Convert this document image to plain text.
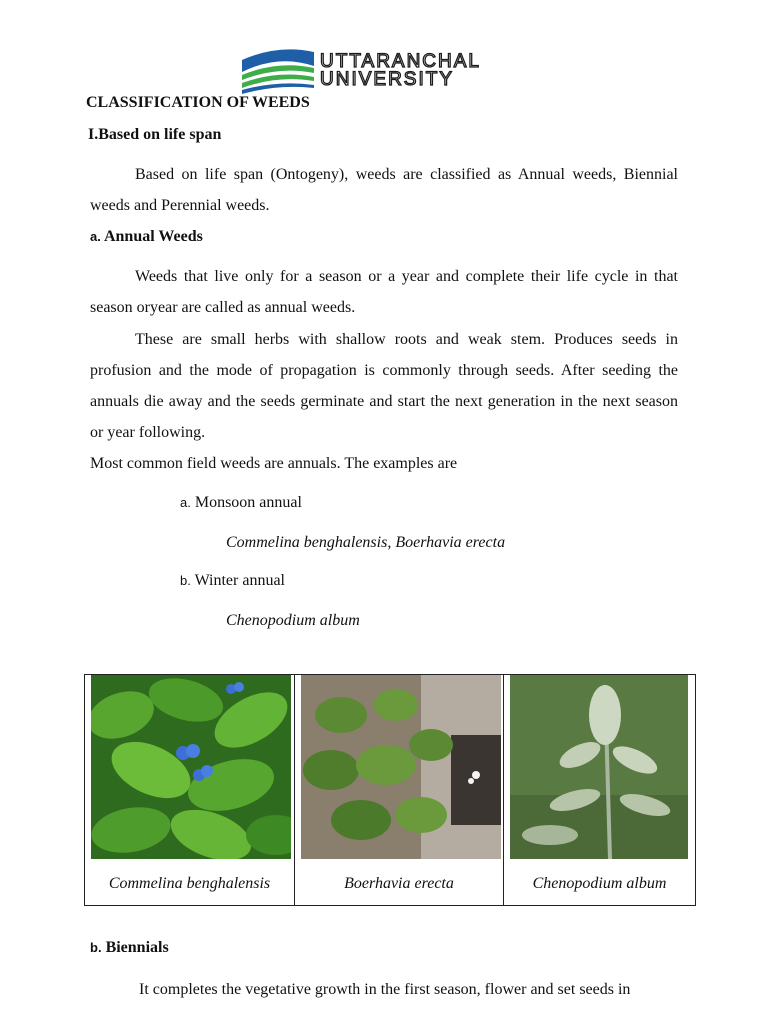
UTTARANCHAL
UNIVERSITY
CLASSIFICATION OF WEEDS
I.Based on life span
Based on life span (Ontogeny), weeds are classified as Annual weeds, Biennial weeds and Perennial weeds.
a. Annual Weeds
Weeds that live only for a season or a year and complete their life cycle in that season oryear are called as annual weeds.
These are small herbs with shallow roots and weak stem. Produces seeds in profusion and the mode of propagation is commonly through seeds. After seeding the annuals die away and the seeds germinate and start the next generation in the next season or year following.
Most common field weeds are annuals. The examples are
a. Monsoon annual
Commelina benghalensis, Boerhavia erecta
b. Winter annual
Chenopodium album
Commelina benghalensis	Boerhavia erecta	Chenopodium album
b. Biennials
It completes the vegetative growth in the first season, flower and set seeds in
